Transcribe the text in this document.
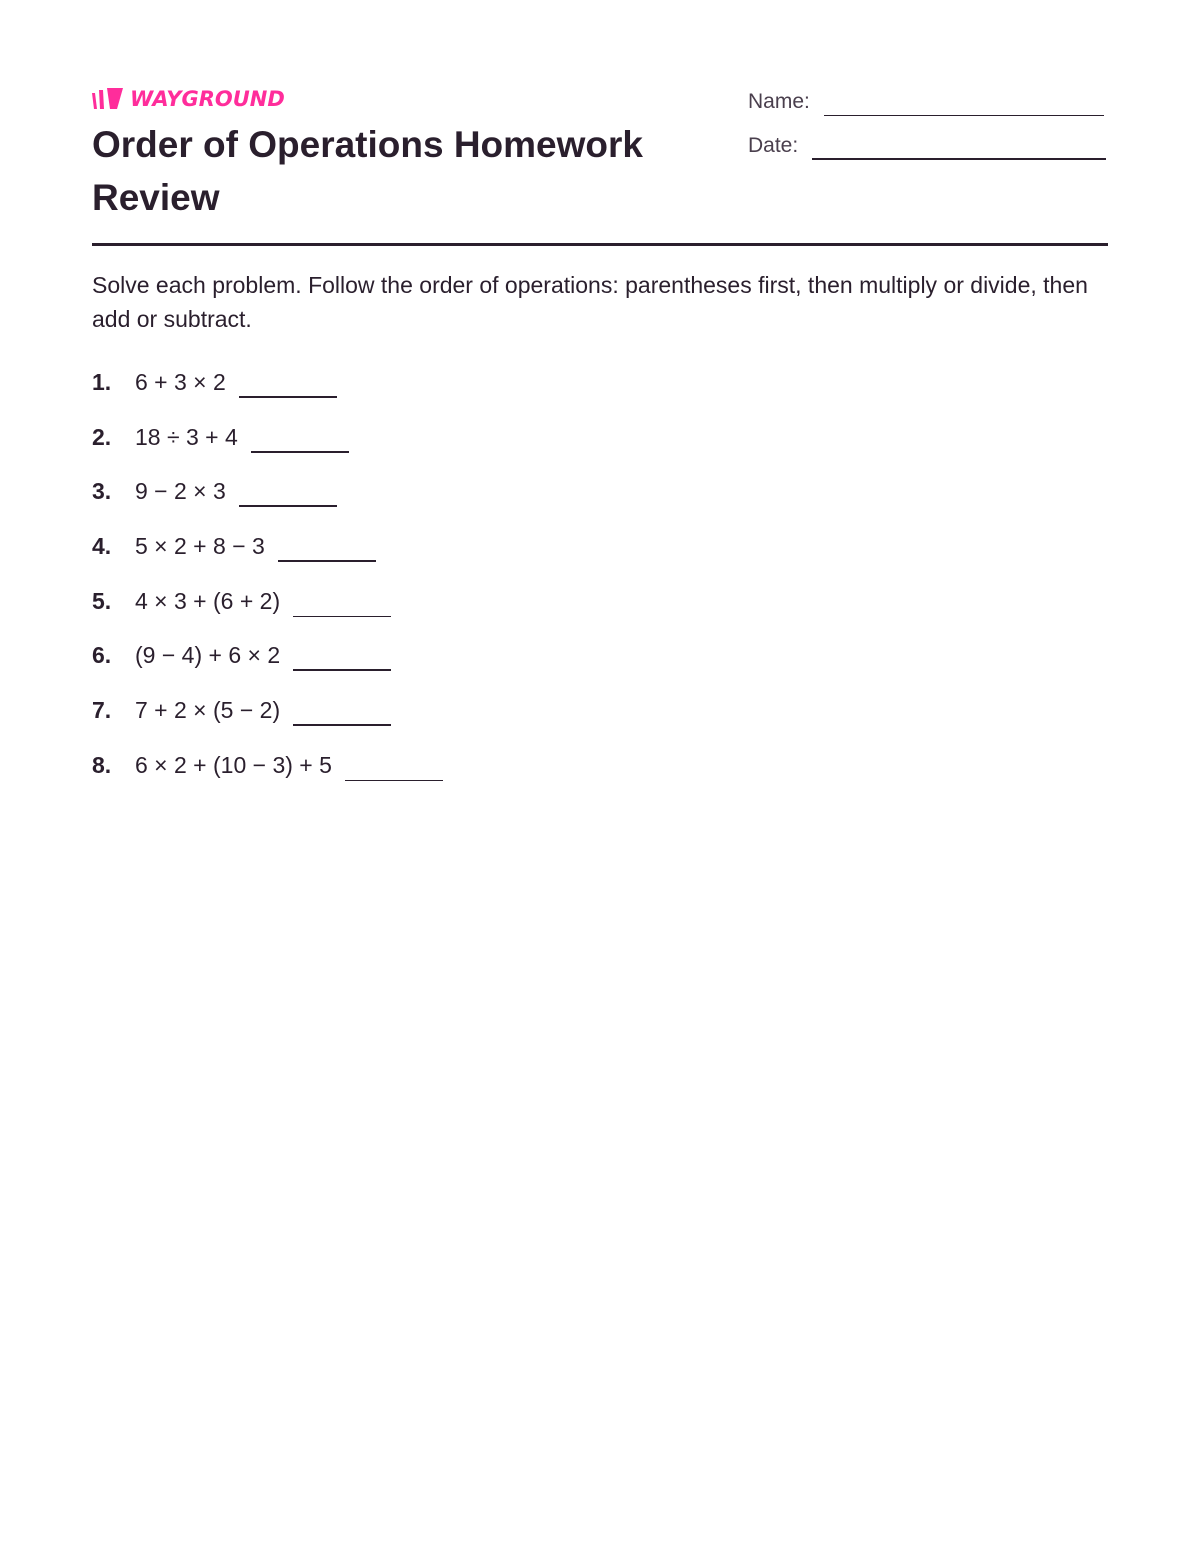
WAYGROUND
Order of Operations Homework Review
Name:
Date:

Solve each problem. Follow the order of operations: parentheses first, then multiply or divide, then add or subtract.

1.	6 + 3 × 2
2.	18 ÷ 3 + 4
3.	9 − 2 × 3
4.	5 × 2 + 8 − 3
5.	4 × 3 + (6 + 2)
6.	(9 − 4) + 6 × 2
7.	7 + 2 × (5 − 2)
8.	6 × 2 + (10 − 3) + 5
